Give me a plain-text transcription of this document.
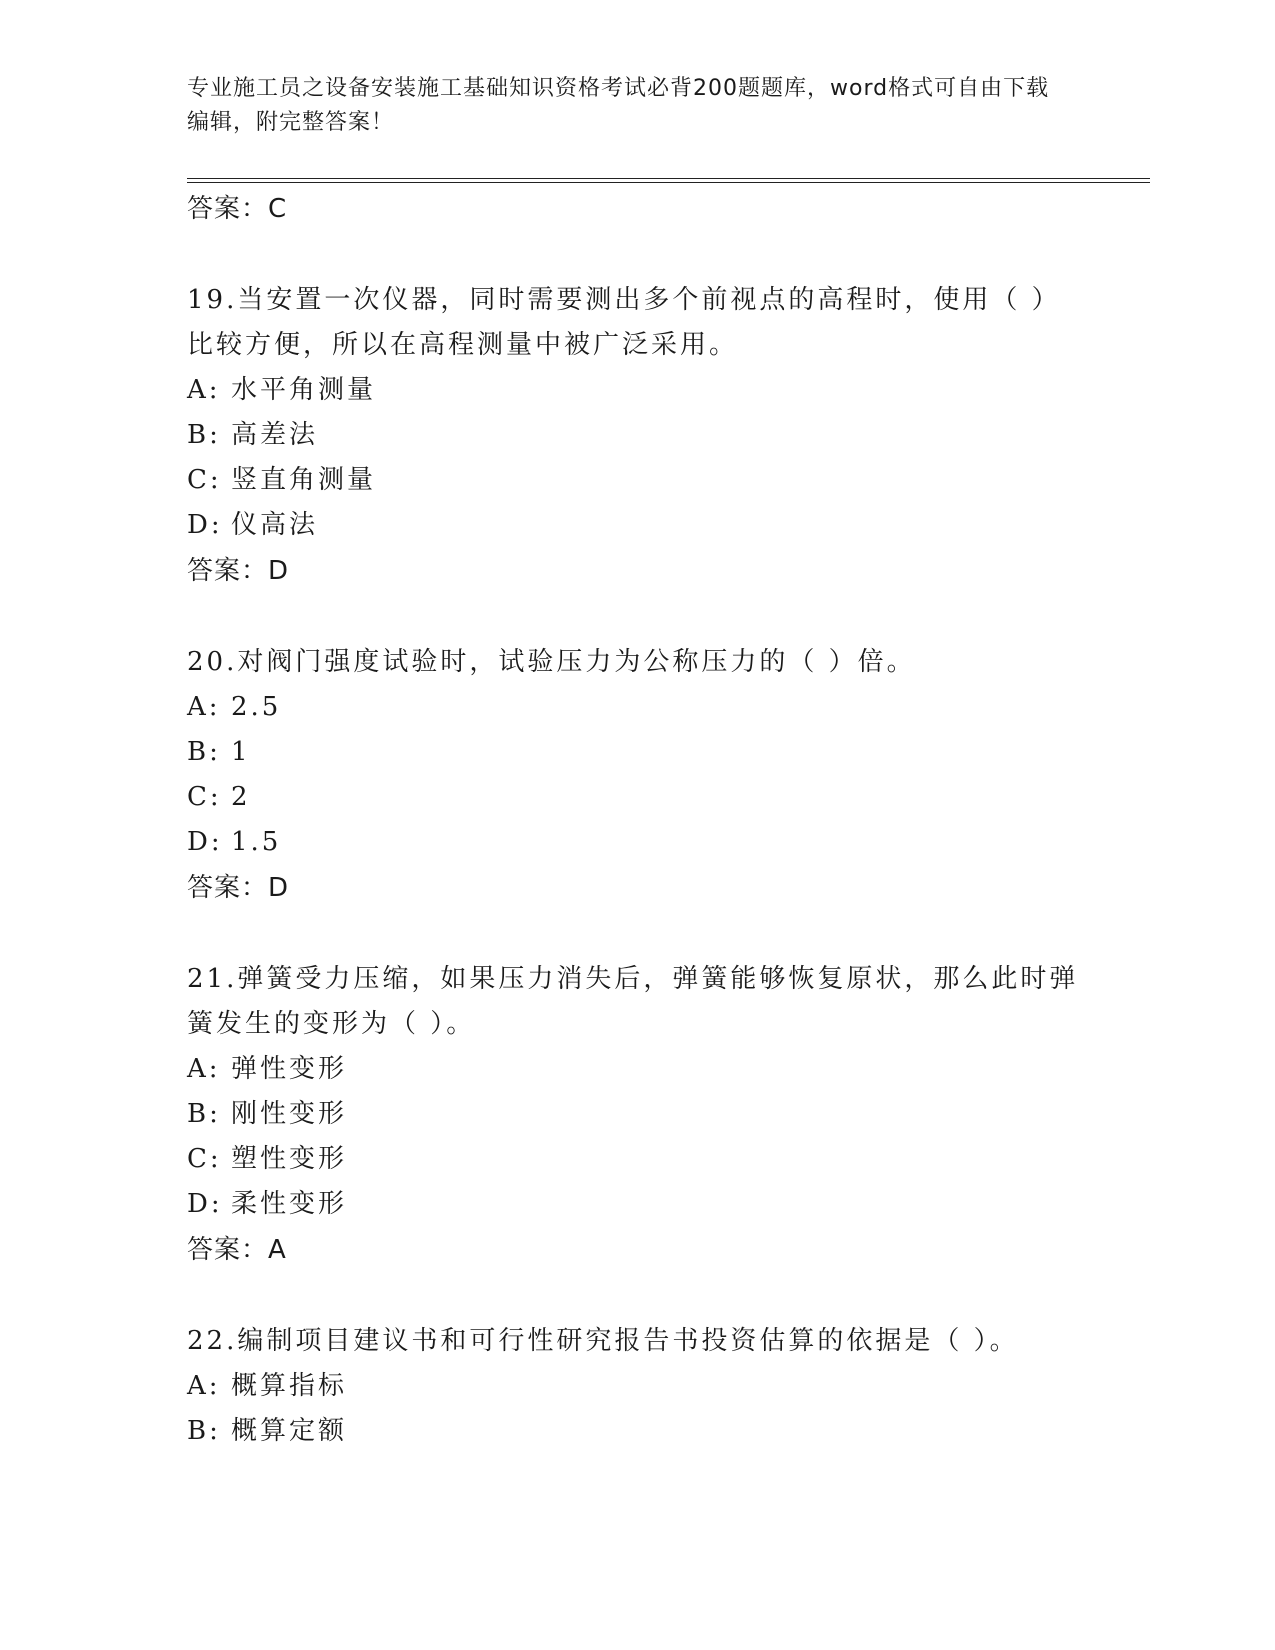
专业施工员之设备安装施工基础知识资格考试必背200题题库，word格式可自由下载编辑，附完整答案！
答案：C
19.当安置一次仪器，同时需要测出多个前视点的高程时，使用（ ）比较方便，所以在高程测量中被广泛采用。
A: 水平角测量
B: 高差法
C: 竖直角测量
D: 仪高法
答案：D
20.对阀门强度试验时，试验压力为公称压力的（ ）倍。
A: 2.5
B: 1
C: 2
D: 1.5
答案：D
21.弹簧受力压缩，如果压力消失后，弹簧能够恢复原状，那么此时弹簧发生的变形为（ ）。
A: 弹性变形
B: 刚性变形
C: 塑性变形
D: 柔性变形
答案：A
22.编制项目建议书和可行性研究报告书投资估算的依据是（ ）。
A: 概算指标
B: 概算定额
